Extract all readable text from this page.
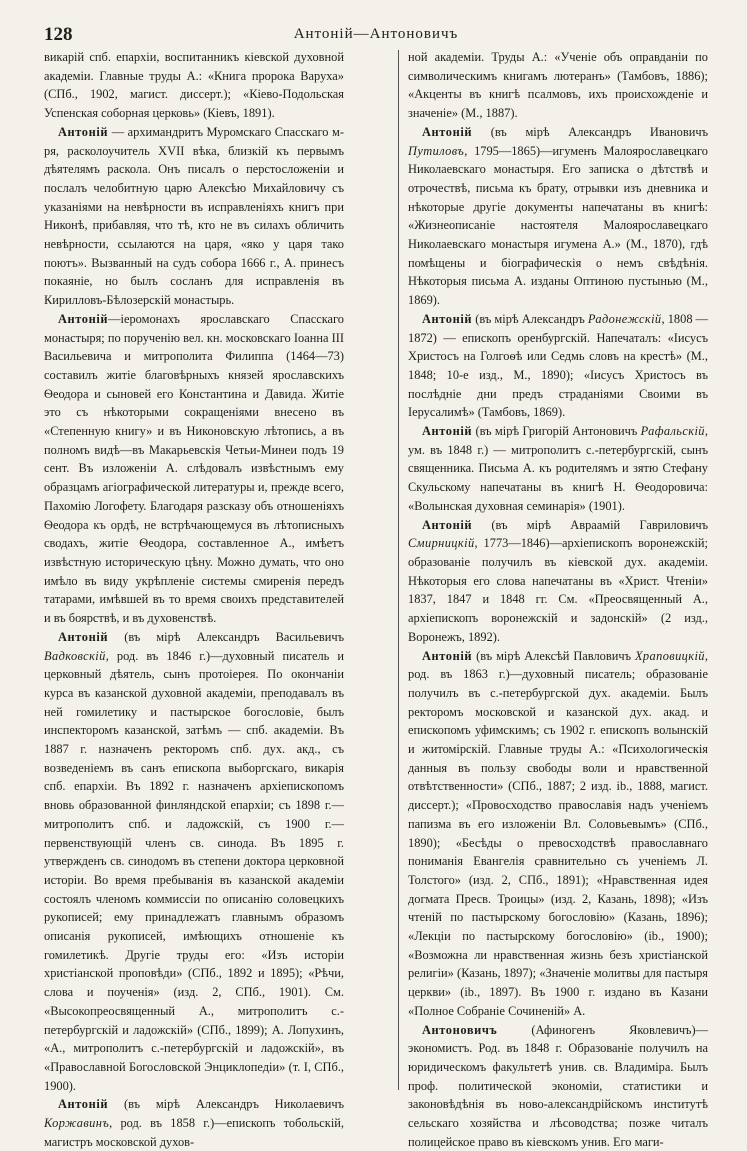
128	Антоній—Антоновичъ

викарій спб. епархіи, воспитанникъ кіевской духовной академіи. Главные труды А.: «Книга пророка Варуха» (СПб., 1902, магист. диссерт.); «Кіево-Подольская Успенская соборная церковь» (Кіевъ, 1891).

Антоній — архимандритъ Муромскаго Спасскаго м-ря, расколоучитель XVII вѣка, близкій къ первымъ дѣятелямъ раскола. Онъ писалъ о перстосложеніи и послалъ челобитную царю Алексѣю Михайловичу съ указаніями на невѣрности въ исправленіяхъ книгъ при Никонѣ, прибавляя, что тѣ, кто не въ силахъ обличить невѣрности, ссылаются на царя, «яко у царя тако поютъ». Вызванный на судъ собора 1666 г., А. принесъ покаяніе, но былъ сосланъ для исправленія въ Кирилловъ-Бѣлозерскій монастырь.

Антоній—іеромонахъ ярославскаго Спасскаго монастыря; по порученію вел. кн. московскаго Іоанна III Васильевича и митрополита Филиппа (1464—73) составилъ житіе благовѣрныхъ князей ярославскихъ Ѳеодора и сыновей его Константина и Давида. Житіе это съ нѣкоторыми сокращеніями внесено въ «Степенную книгу» и въ Никоновскую лѣтопись, а въ полномъ видѣ—въ Макарьевскія Четьи-Минеи подъ 19 сент. Въ изложеніи А. слѣдовалъ извѣстнымъ ему образцамъ агіографической литературы и, прежде всего, Пахомію Логофету. Благодаря разсказу объ отношеніяхъ Ѳеодора къ ордѣ, не встрѣчающемуся въ лѣтописныхъ сводахъ, житіе Ѳеодора, составленное А., имѣетъ извѣстную историческую цѣну. Можно думать, что оно имѣло въ виду укрѣпленіе системы смиренія передъ татарами, имѣвшей въ то время своихъ представителей и въ боярствѣ, и въ духовенствѣ.

Антоній (въ мірѣ Александръ Васильевичъ Вадковскій, род. въ 1846 г.)—духовный писатель и церковный дѣятель, сынъ протоіерея. По окончаніи курса въ казанской духовной академіи, преподавалъ въ ней гомилетику и пастырское богословіе, былъ инспекторомъ казанской, затѣмъ — спб. академіи. Въ 1887 г. назначенъ ректоромъ спб. дух. акд., съ возведеніемъ въ санъ епископа выборгскаго, викарія спб. епархіи. Въ 1892 г. назначенъ архіепископомъ вновь образованной финляндской епархіи; съ 1898 г.— митрополитъ спб. и ладожскій, съ 1900 г.— первенствующій членъ св. синода. Въ 1895 г. утвержденъ св. синодомъ въ степени доктора церковной исторіи. Во время пребыванія въ казанской академіи состоялъ членомъ коммиссіи по описанію соловецкихъ рукописей; ему принадлежатъ главнымъ образомъ описанія рукописей, имѣющихъ отношеніе къ гомилетикѣ. Другіе труды его: «Изъ исторіи христіанской проповѣди» (СПб., 1892 и 1895); «Рѣчи, слова и поученія» (изд. 2, СПб., 1901). См. «Высокопреосвященный А., митрополитъ с.-петербургскій и ладожскій» (СПб., 1899); А. Лопухинъ, «А., митрополитъ с.-петербургскій и ладожскій», въ «Православной Богословской Энциклопедіи» (т. I, СПб., 1900).

Антоній (въ мірѣ Александръ Николаевичъ Коржавинъ, род. въ 1858 г.)—епископъ тобольскій, магистръ московской духов-

ной академіи. Труды А.: «Ученіе объ оправданіи по символическимъ книгамъ лютеранъ» (Тамбовъ, 1886); «Акценты въ книгѣ псалмовъ, ихъ происхожденіе и значеніе» (М., 1887).

Антоній (въ мірѣ Александръ Ивановичъ Путиловъ, 1795—1865)—игуменъ Малоярославецкаго Николаевскаго монастыря. Его записка о дѣтствѣ и отрочествѣ, письма къ брату, отрывки изъ дневника и нѣкоторые другіе документы напечатаны въ книгѣ: «Жизнеописаніе настоятеля Малоярославецкаго Николаевскаго монастыря игумена А.» (М., 1870), гдѣ помѣщены и біографическія о немъ свѣдѣнія. Нѣкоторыя письма А. изданы Оптиною пустынью (М., 1869).

Антоній (въ мірѣ Александръ Радонежскій, 1808 — 1872) — епископъ оренбургскій. Напечаталъ: «Іисусъ Христосъ на Голгоѳѣ или Седмь словъ на крестѣ» (М., 1848; 10-е изд., М., 1890); «Іисусъ Христосъ въ послѣдніе дни предъ страданіями Своими въ Іерусалимѣ» (Тамбовъ, 1869).

Антоній (въ мірѣ Григорій Антоновичъ Рафальскій, ум. въ 1848 г.) — митрополитъ с.-петербургскій, сынъ священника. Письма А. къ родителямъ и зятю Стефану Скульскому напечатаны въ книгѣ Н. Ѳеодоровича: «Волынская духовная семинарія» (1901).

Антоній (въ мірѣ Авраамій Гавриловичъ Смирницкій, 1773—1846)—архіепископъ воронежскій; образованіе получилъ въ кіевской дух. академіи. Нѣкоторыя его слова напечатаны въ «Христ. Чтеніи» 1837, 1847 и 1848 гг. См. «Преосвященный А., архіепископъ воронежскій и задонскій» (2 изд., Воронежъ, 1892).

Антоній (въ мірѣ Алексѣй Павловичъ Храповицкій, род. въ 1863 г.)—духовный писатель; образованіе получилъ въ с.-петербургской дух. академіи. Былъ ректоромъ московской и казанской дух. акад. и епископомъ уфимскимъ; съ 1902 г. епископъ волынскій и житомірскій. Главные труды А.: «Психологическія данныя въ пользу свободы воли и нравственной отвѣтственности» (СПб., 1887; 2 изд. ib., 1888, магист. диссерт.); «Провосходство православія надъ ученіемъ папизма въ его изложеніи Вл. Соловьевымъ» (СПб., 1890); «Бесѣды о превосходствѣ православнаго пониманія Евангелія сравнительно съ ученіемъ Л. Толстого» (изд. 2, СПб., 1891); «Нравственная идея догмата Пресв. Троицы» (изд. 2, Казань, 1898); «Изъ чтеній по пастырскому богословію» (Казань, 1896); «Лекціи по пастырскому богословію» (ib., 1900); «Возможна ли нравственная жизнь безъ христіанской религіи» (Казань, 1897); «Значеніе молитвы для пастыря церкви» (ib., 1897). Въ 1900 г. издано въ Казани «Полное Собраніе Сочиненій» А.

Антоновичъ (Афиногенъ Яковлевичъ)—экономистъ. Род. въ 1848 г. Образованіе получилъ на юридическомъ факультетѣ унив. св. Владиміра. Былъ проф. политической экономіи, статистики и законовѣдѣнія въ ново-александрійскомъ институтѣ сельскаго хозяйства и лѣсоводства; позже читалъ полицейское право въ кіевскомъ унив. Его маги-
